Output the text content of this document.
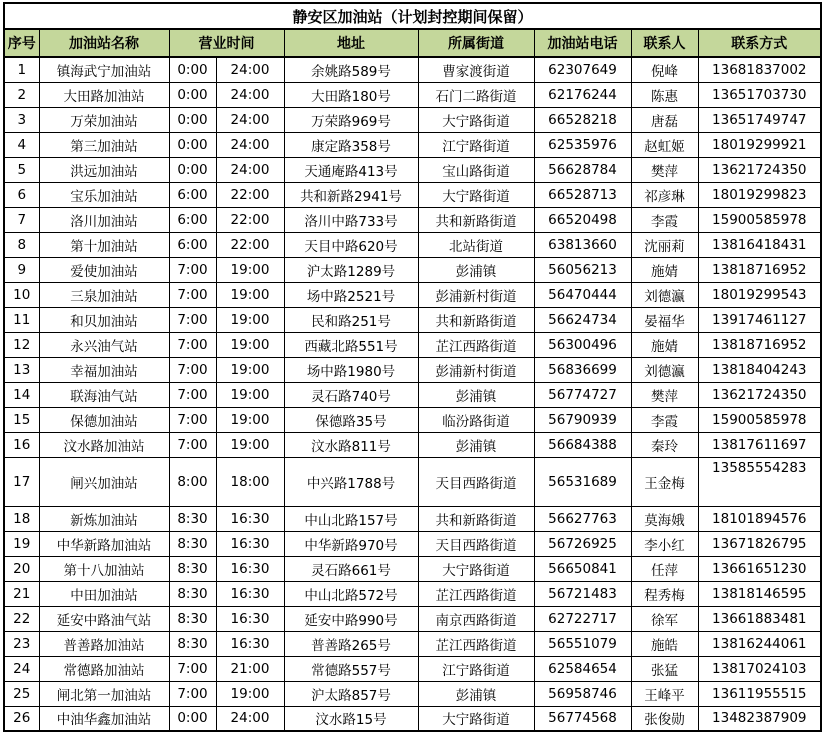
静安区加油站（计划封控期间保留）								
序号	加油站名称	营业时间		地址	所属街道	加油站电话	联系人	联系方式
1	镇海武宁加油站	0:00	24:00	余姚路589号	曹家渡街道	62307649	倪峰	13681837002
2	大田路加油站	0:00	24:00	大田路180号	石门二路街道	62176244	陈惠	13651703730
3	万荣加油站	0:00	24:00	万荣路969号	大宁路街道	66528218	唐磊	13651749747
4	第三加油站	0:00	24:00	康定路358号	江宁路街道	62535976	赵虹姬	18019299921
5	洪远加油站	0:00	24:00	天通庵路413号	宝山路街道	56628784	樊萍	13621724350
6	宝乐加油站	6:00	22:00	共和新路2941号	大宁路街道	66528713	祁彦琳	18019299823
7	洛川加油站	6:00	22:00	洛川中路733号	共和新路街道	66520498	李霞	15900585978
8	第十加油站	6:00	22:00	天目中路620号	北站街道	63813660	沈丽莉	13816418431
9	爱使加油站	7:00	19:00	沪太路1289号	彭浦镇	56056213	施婧	13818716952
10	三泉加油站	7:00	19:00	场中路2521号	彭浦新村街道	56470444	刘德瀛	18019299543
11	和贝加油站	7:00	19:00	民和路251号	共和新路街道	56624734	晏福华	13917461127
12	永兴油气站	7:00	19:00	西藏北路551号	芷江西路街道	56300496	施婧	13818716952
13	幸福加油站	7:00	19:00	场中路1980号	彭浦新村街道	56836699	刘德瀛	13818404243
14	联海油气站	7:00	19:00	灵石路740号	彭浦镇	56774727	樊萍	13621724350
15	保德加油站	7:00	19:00	保德路35号	临汾路街道	56790939	李霞	15900585978
16	汶水路加油站	7:00	19:00	汶水路811号	彭浦镇	56684388	秦玲	13817611697
17	闸兴加油站	8:00	18:00	中兴路1788号	天目西路街道	56531689	王金梅	13585554283
18	新炼加油站	8:30	16:30	中山北路157号	共和新路街道	56627763	莫海娥	18101894576
19	中华新路加油站	8:30	16:30	中华新路970号	天目西路街道	56726925	李小红	13671826795
20	第十八加油站	8:30	16:30	灵石路661号	大宁路街道	56650841	任萍	13661651230
21	中田加油站	8:30	16:30	中山北路572号	芷江西路街道	56721483	程秀梅	13818146595
22	延安中路油气站	8:30	16:30	延安中路990号	南京西路街道	62722717	徐军	13661883481
23	普善路加油站	8:30	16:30	普善路265号	芷江西路街道	56551079	施皓	13816244061
24	常德路加油站	7:00	21:00	常德路557号	江宁路街道	62584654	张猛	13817024103
25	闸北第一加油站	7:00	19:00	沪太路857号	彭浦镇	56958746	王峰平	13611955515
26	中油华鑫加油站	0:00	24:00	汶水路15号	大宁路街道	56774568	张俊勋	13482387909
